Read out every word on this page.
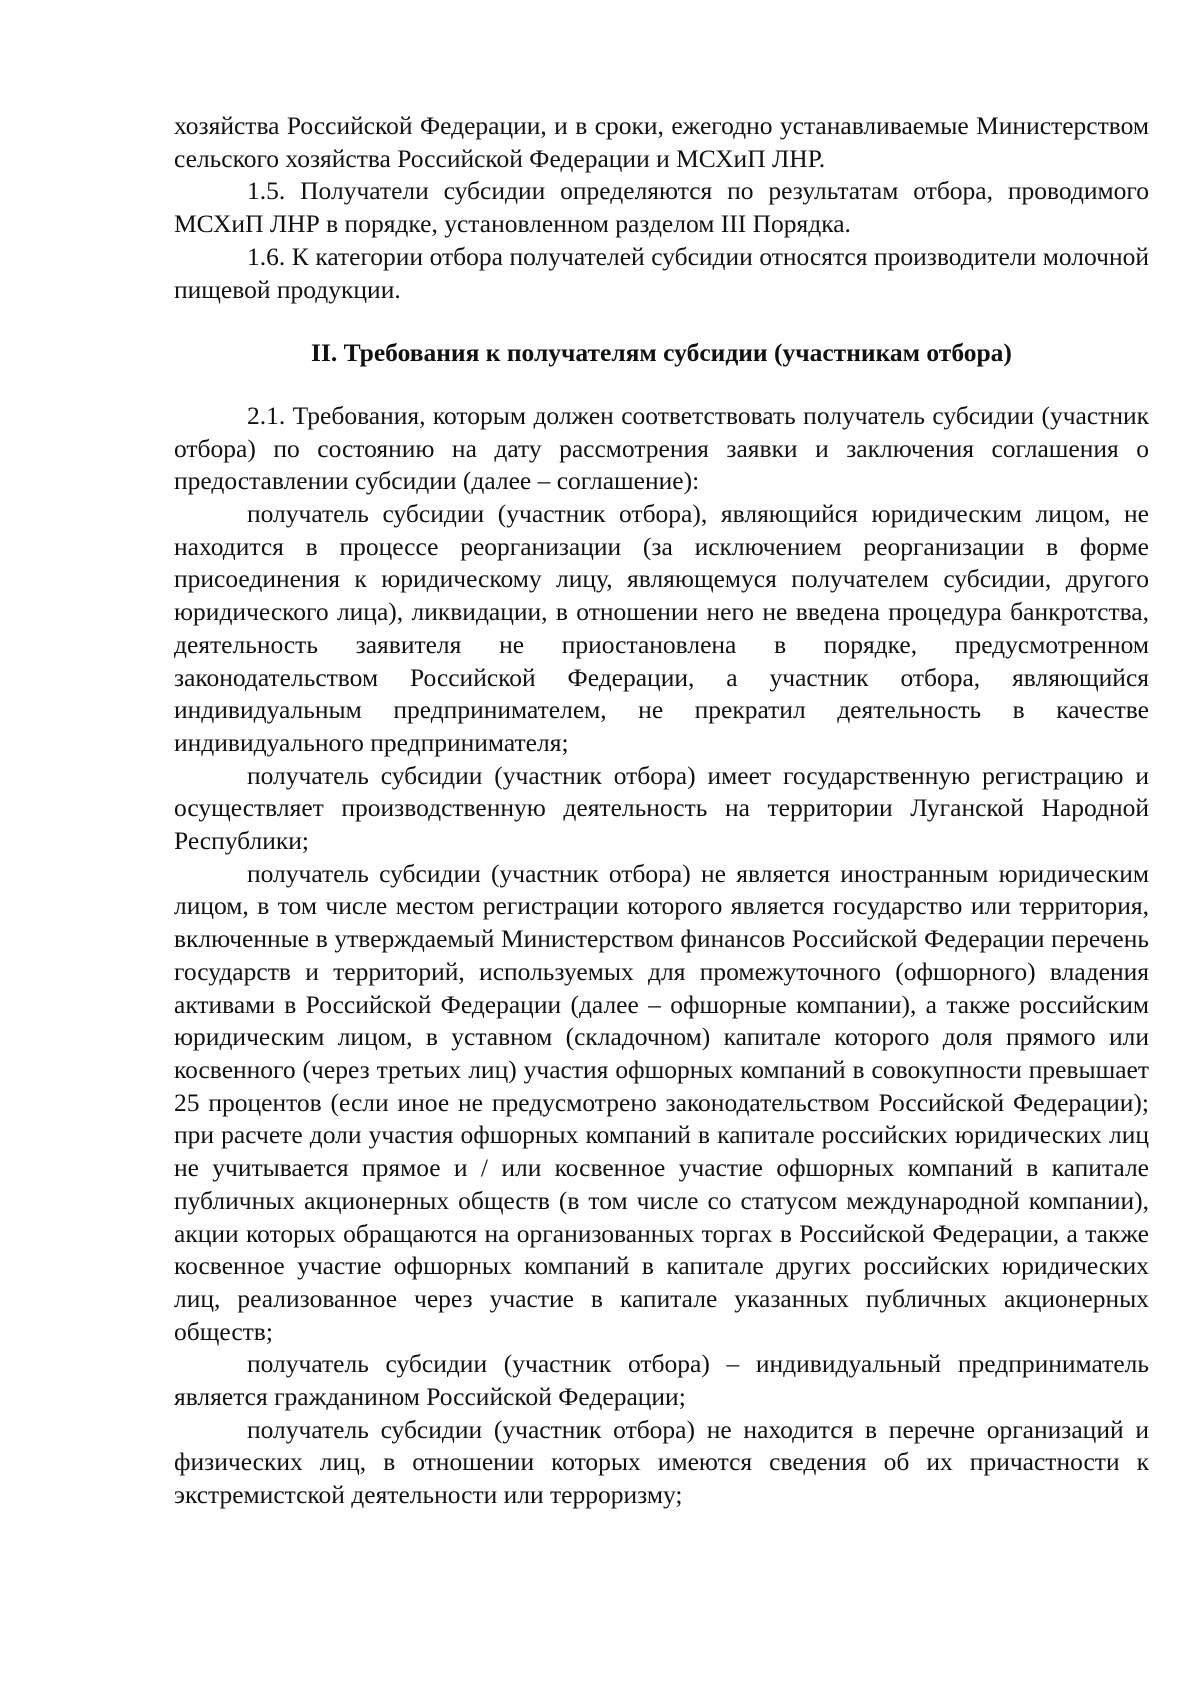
хозяйства Российской Федерации, и в сроки, ежегодно устанавливаемые Министерством сельского хозяйства Российской Федерации и МСХиП ЛНР.

1.5. Получатели субсидии определяются по результатам отбора, проводимого МСХиП ЛНР в порядке, установленном разделом III Порядка.

1.6. К категории отбора получателей субсидии относятся производители молочной пищевой продукции.

II. Требования к получателям субсидии (участникам отбора)

2.1. Требования, которым должен соответствовать получатель субсидии (участник отбора) по состоянию на дату рассмотрения заявки и заключения соглашения о предоставлении субсидии (далее – соглашение):

получатель субсидии (участник отбора), являющийся юридическим лицом, не находится в процессе реорганизации (за исключением реорганизации в форме присоединения к юридическому лицу, являющемуся получателем субсидии, другого юридического лица), ликвидации, в отношении него не введена процедура банкротства, деятельность заявителя не приостановлена в порядке, предусмотренном законодательством Российской Федерации, а участник отбора, являющийся индивидуальным предпринимателем, не прекратил деятельность в качестве индивидуального предпринимателя;

получатель субсидии (участник отбора) имеет государственную регистрацию и осуществляет производственную деятельность на территории Луганской Народной Республики;

получатель субсидии (участник отбора) не является иностранным юридическим лицом, в том числе местом регистрации которого является государство или территория, включенные в утверждаемый Министерством финансов Российской Федерации перечень государств и территорий, используемых для промежуточного (офшорного) владения активами в Российской Федерации (далее – офшорные компании), а также российским юридическим лицом, в уставном (складочном) капитале которого доля прямого или косвенного (через третьих лиц) участия офшорных компаний в совокупности превышает 25 процентов (если иное не предусмотрено законодательством Российской Федерации); при расчете доли участия офшорных компаний в капитале российских юридических лиц не учитывается прямое и / или косвенное участие офшорных компаний в капитале публичных акционерных обществ (в том числе со статусом международной компании), акции которых обращаются на организованных торгах в Российской Федерации, а также косвенное участие офшорных компаний в капитале других российских юридических лиц, реализованное через участие в капитале указанных публичных акционерных обществ;

получатель субсидии (участник отбора) – индивидуальный предприниматель является гражданином Российской Федерации;

получатель субсидии (участник отбора) не находится в перечне организаций и физических лиц, в отношении которых имеются сведения об их причастности к экстремистской деятельности или терроризму;
